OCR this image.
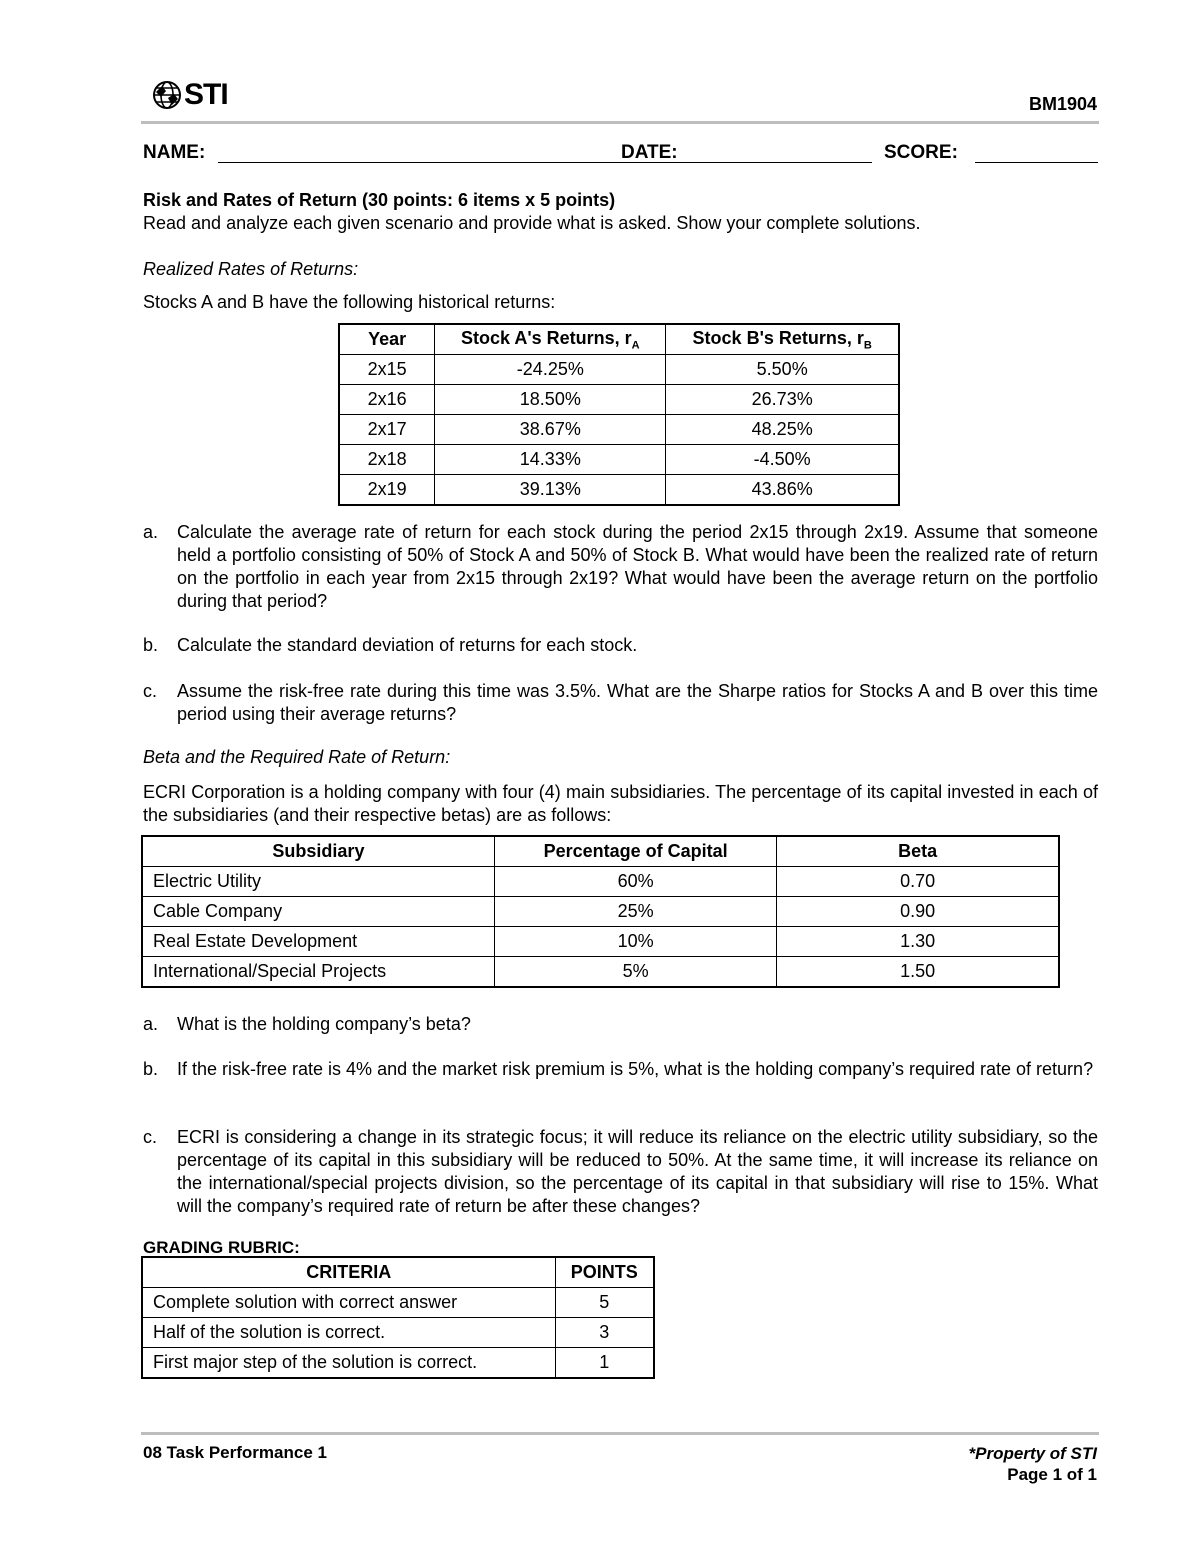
STI	BM1904
NAME:	DATE:	SCORE:
Risk and Rates of Return (30 points: 6 items x 5 points)
Read and analyze each given scenario and provide what is asked. Show your complete solutions.
Realized Rates of Returns:
Stocks A and B have the following historical returns:
Year	Stock A's Returns, $r_A$	Stock B's Returns, $r_B$
2x15	-24.25%	5.50%
2x16	18.50%	26.73%
2x17	38.67%	48.25%
2x18	14.33%	-4.50%
2x19	39.13%	43.86%
a. Calculate the average rate of return for each stock during the period 2x15 through 2x19. Assume that someone held a portfolio consisting of 50% of Stock A and 50% of Stock B. What would have been the realized rate of return on the portfolio in each year from 2x15 through 2x19? What would have been the average return on the portfolio during that period?
b. Calculate the standard deviation of returns for each stock.
c. Assume the risk-free rate during this time was 3.5%. What are the Sharpe ratios for Stocks A and B over this time period using their average returns?
Beta and the Required Rate of Return:
ECRI Corporation is a holding company with four (4) main subsidiaries. The percentage of its capital invested in each of the subsidiaries (and their respective betas) are as follows:
Subsidiary	Percentage of Capital	Beta
Electric Utility	60%	0.70
Cable Company	25%	0.90
Real Estate Development	10%	1.30
International/Special Projects	5%	1.50
a. What is the holding company’s beta?
b. If the risk-free rate is 4% and the market risk premium is 5%, what is the holding company’s required rate of return?
c. ECRI is considering a change in its strategic focus; it will reduce its reliance on the electric utility subsidiary, so the percentage of its capital in this subsidiary will be reduced to 50%. At the same time, it will increase its reliance on the international/special projects division, so the percentage of its capital in that subsidiary will rise to 15%. What will the company’s required rate of return be after these changes?
GRADING RUBRIC:
CRITERIA	POINTS
Complete solution with correct answer	5
Half of the solution is correct.	3
First major step of the solution is correct.	1
08 Task Performance 1	*Property of STI
Page 1 of 1
